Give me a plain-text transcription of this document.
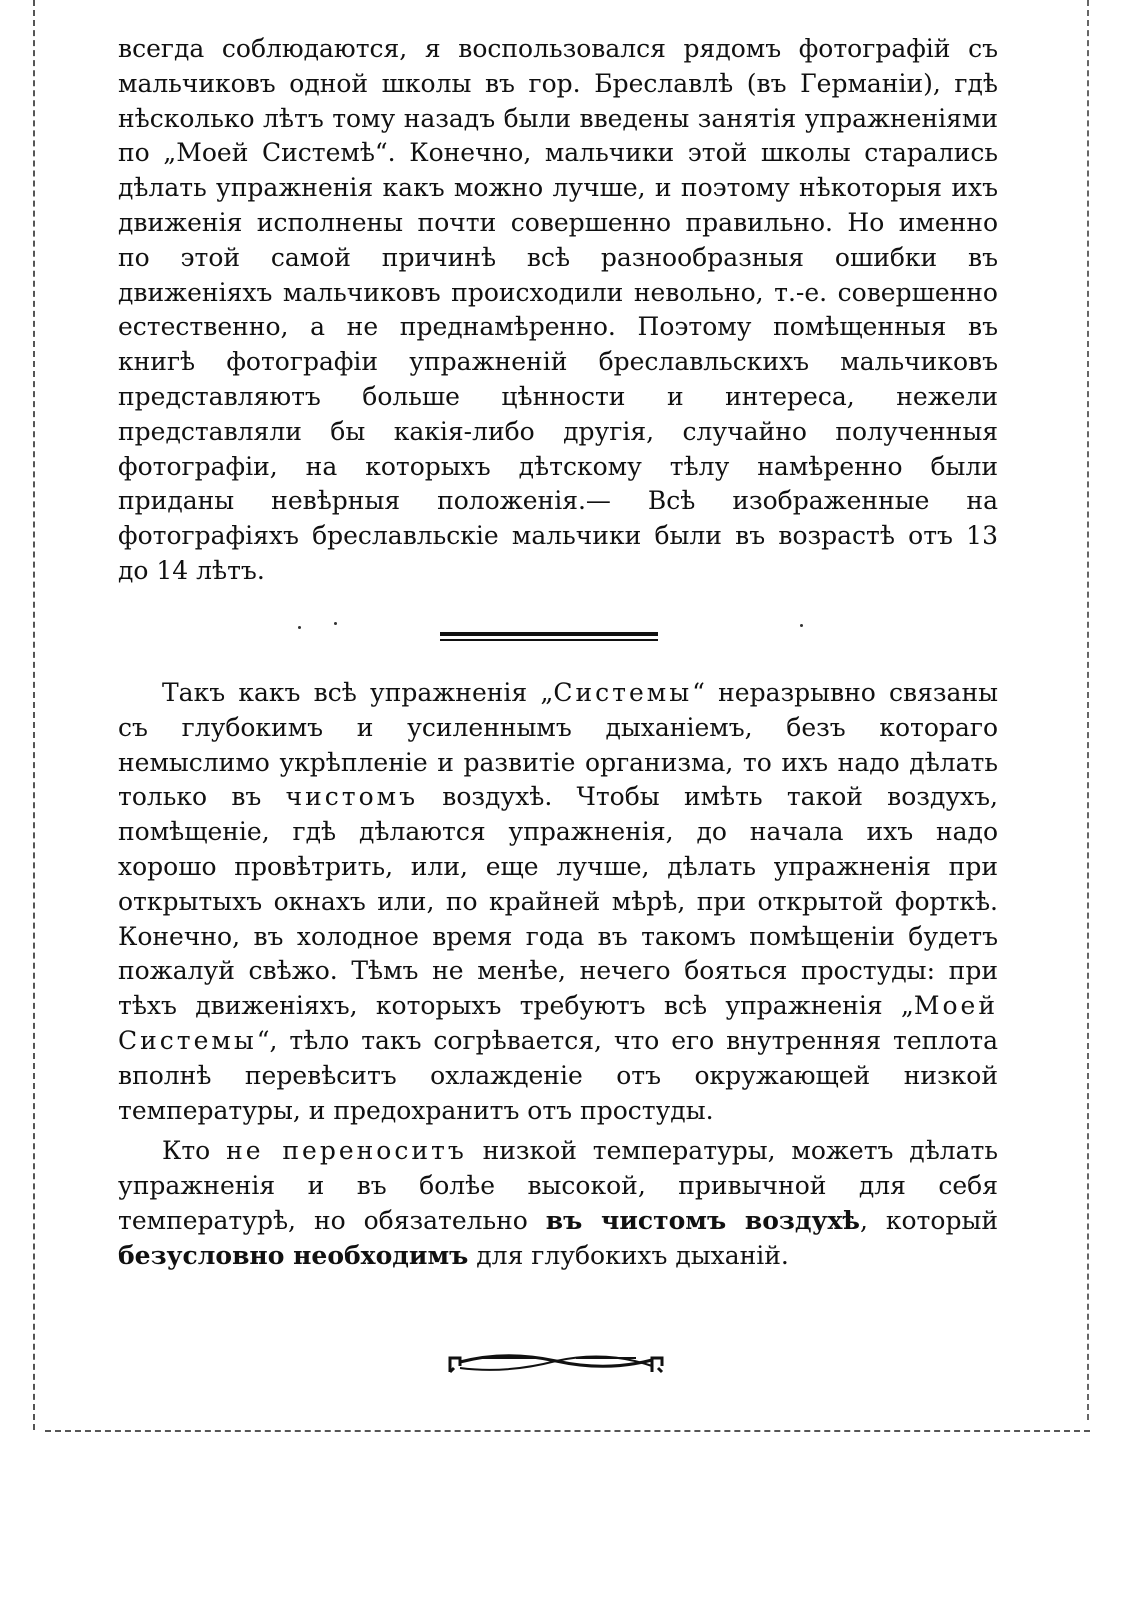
всегда соблюдаются, я воспользовался рядомъ фотографій съ мальчиковъ одной школы въ гор. Бреславлѣ (въ Германіи), гдѣ нѣсколько лѣтъ тому назадъ были введены занятія упражненіями по „Моей Системѣ“. Конечно, мальчики этой школы старались дѣлать упражненія какъ можно лучше, и поэтому нѣкоторыя ихъ движенія исполнены почти совершенно правильно. Но именно по этой самой причинѣ всѣ разнообразныя ошибки въ движеніяхъ мальчиковъ происходили невольно, т.-е. совершенно естественно, а не преднамѣренно. Поэтому помѣщенныя въ книгѣ фотографіи упражненій бреславльскихъ мальчиковъ представляютъ больше цѣнности и интереса, нежели представляли бы какія-либо другія, случайно полученныя фотографіи, на которыхъ дѣтскому тѣлу намѣренно были приданы невѣрныя положенія.— Всѣ изображенные на фотографіяхъ бреславльскіе мальчики были въ возрастѣ отъ 13 до 14 лѣтъ.

Такъ какъ всѣ упражненія „Системы“ неразрывно связаны съ глубокимъ и усиленнымъ дыханіемъ, безъ котораго немыслимо укрѣпленіе и развитіе организма, то ихъ надо дѣлать только въ чистомъ воздухѣ. Чтобы имѣть такой воздухъ, помѣщеніе, гдѣ дѣлаются упражненія, до начала ихъ надо хорошо провѣтрить, или, еще лучше, дѣлать упражненія при открытыхъ окнахъ или, по крайней мѣрѣ, при открытой форткѣ. Конечно, въ холодное время года въ такомъ помѣщеніи будетъ пожалуй свѣжо. Тѣмъ не менѣе, нечего бояться простуды: при тѣхъ движеніяхъ, которыхъ требуютъ всѣ упражненія „Моей Системы“, тѣло такъ согрѣвается, что его внутренняя теплота вполнѣ перевѣситъ охлажденіе отъ окружающей низкой температуры, и предохранитъ отъ простуды.

Кто не переноситъ низкой температуры, можетъ дѣлать упражненія и въ болѣе высокой, привычной для себя температурѣ, но обязательно въ чистомъ воздухѣ, который безусловно необходимъ для глубокихъ дыханій.
